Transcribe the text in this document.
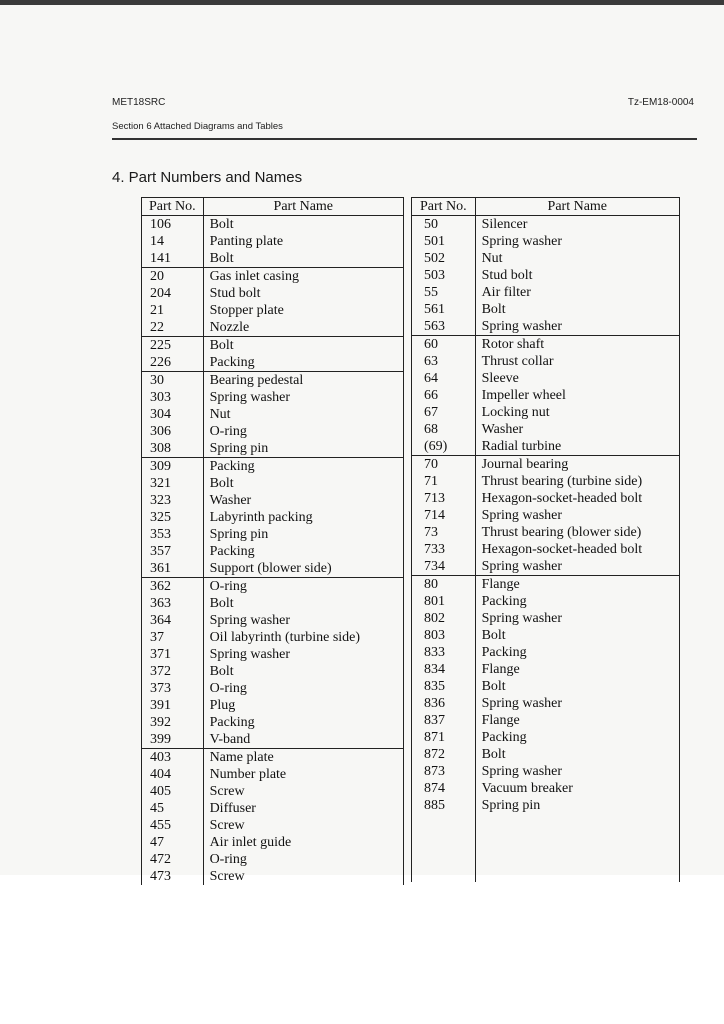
MET18SRC	Tz-EM18-0004
Section 6 Attached Diagrams and Tables
4. Part Numbers and Names
Part No.	Part Name
106	Bolt
14	Panting plate
141	Bolt
20	Gas inlet casing
204	Stud bolt
21	Stopper plate
22	Nozzle
225	Bolt
226	Packing
30	Bearing pedestal
303	Spring washer
304	Nut
306	O-ring
308	Spring pin
309	Packing
321	Bolt
323	Washer
325	Labyrinth packing
353	Spring pin
357	Packing
361	Support (blower side)
362	O-ring
363	Bolt
364	Spring washer
37	Oil labyrinth (turbine side)
371	Spring washer
372	Bolt
373	O-ring
391	Plug
392	Packing
399	V-band
403	Name plate
404	Number plate
405	Screw
45	Diffuser
455	Screw
47	Air inlet guide
472	O-ring
473	Screw
Part No.	Part Name
50	Silencer
501	Spring washer
502	Nut
503	Stud bolt
55	Air filter
561	Bolt
563	Spring washer
60	Rotor shaft
63	Thrust collar
64	Sleeve
66	Impeller wheel
67	Locking nut
68	Washer
(69)	Radial turbine
70	Journal bearing
71	Thrust bearing (turbine side)
713	Hexagon-socket-headed bolt
714	Spring washer
73	Thrust bearing (blower side)
733	Hexagon-socket-headed bolt
734	Spring washer
80	Flange
801	Packing
802	Spring washer
803	Bolt
833	Packing
834	Flange
835	Bolt
836	Spring washer
837	Flange
871	Packing
872	Bolt
873	Spring washer
874	Vacuum breaker
885	Spring pin
